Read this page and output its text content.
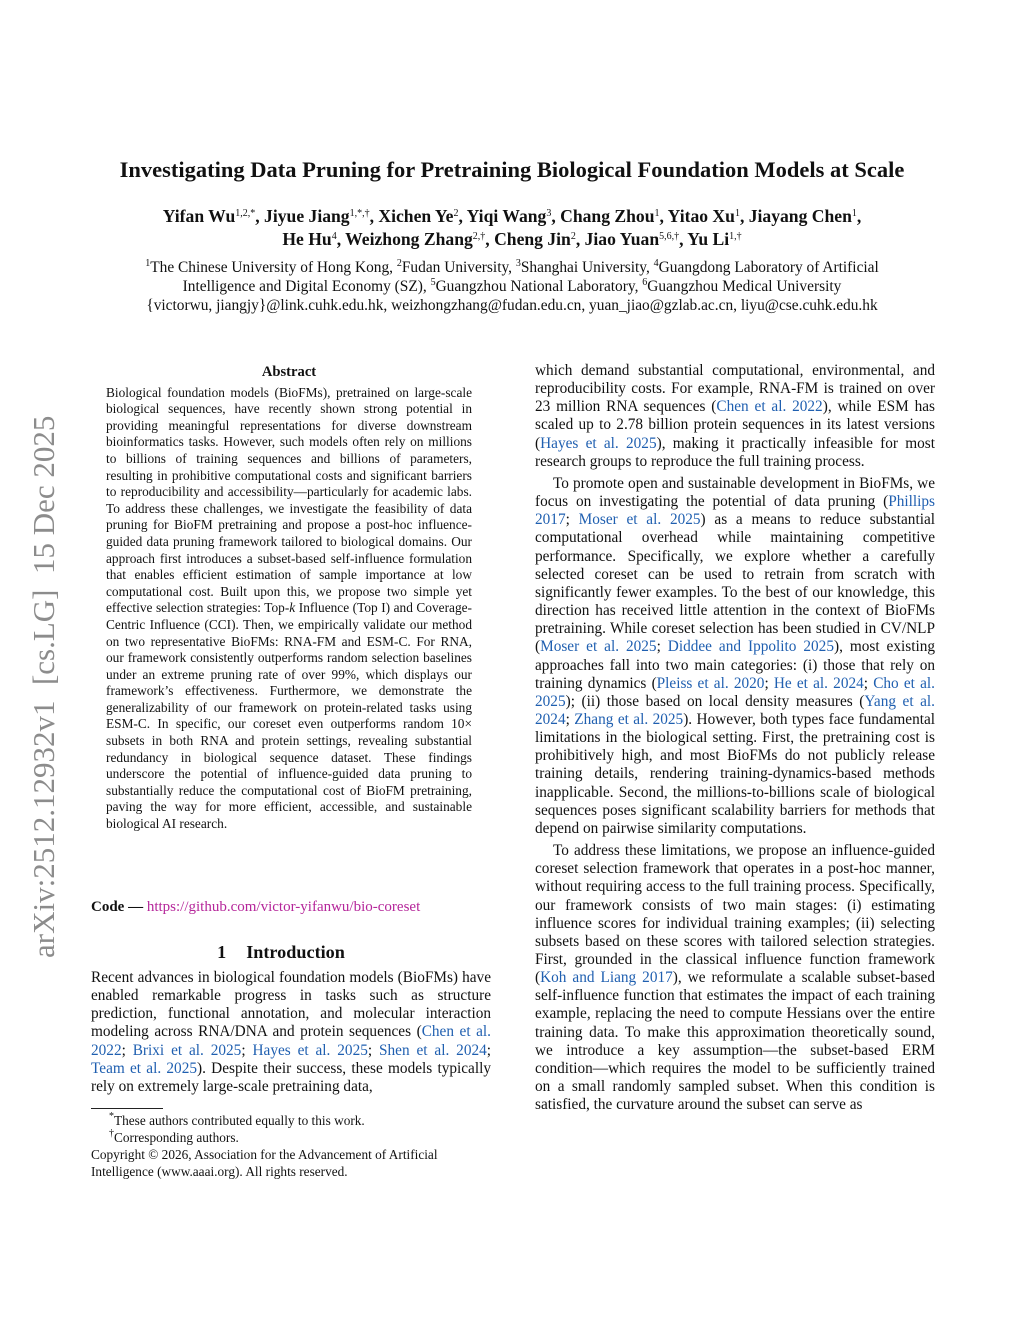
arXiv:2512.12932v1  [cs.LG]  15 Dec 2025
Investigating Data Pruning for Pretraining Biological Foundation Models at Scale
Yifan $Wu^{1,2,*}$, Jiyue Jiang$^{1,*,\dagger}$, Xichen Ye$^2$, Yiqi Wang$^3$, Chang Zhou$^1$, Yitao Xu$^1$, Jiayang Chen$^1$,
He Hu$^4$, Weizhong Zhang$^{2,\dagger}$, Cheng Jin$^2$, Jiao Yuan$^{5,6,\dagger}$, Yu $Li^{1,\dagger}$
$^1$The Chinese University of Hong Kong, $^2$Fudan University, $^3$Shanghai University, $^4$Guangdong Laboratory of Artificial
Intelligence and Digital Economy (SZ), $^5$Guangzhou National Laboratory, $^6$Guangzhou Medical University
{victorwu, jiangjy}@link.cuhk.edu.hk, weizhongzhang@fudan.edu.cn, yuan_jiao@gzlab.ac.cn, liyu@cse.cuhk.edu.hk
Abstract

Biological foundation models (BioFMs), pretrained on large-scale biological sequences, have recently shown strong potential in providing meaningful representations for diverse downstream bioinformatics tasks. However, such models often rely on millions to billions of training sequences and billions of parameters, resulting in prohibitive computational costs and significant barriers to reproducibility and accessibility—particularly for academic labs. To address these challenges, we investigate the feasibility of data pruning for BioFM pretraining and propose a post-hoc influence-guided data pruning framework tailored to biological domains. Our approach first introduces a subset-based self-influence formulation that enables efficient estimation of sample importance at low computational cost. Built upon this, we propose two simple yet effective selection strategies: Top-k Influence (Top I) and Coverage-Centric Influence (CCI). Then, we empirically validate our method on two representative BioFMs: RNA-FM and ESM-C. For RNA, our framework consistently outperforms random selection baselines under an extreme pruning rate of over 99%, which displays our framework’s effectiveness. Furthermore, we demonstrate the generalizability of our framework on protein-related tasks using ESM-C. In specific, our coreset even outperforms random 10× subsets in both RNA and protein settings, revealing substantial redundancy in biological sequence dataset. These findings underscore the potential of influence-guided data pruning to substantially reduce the computational cost of BioFM pretraining, paving the way for more efficient, accessible, and sustainable biological AI research.

Code — https://github.com/victor-yifanwu/bio-coreset
1 Introduction

Recent advances in biological foundation models (BioFMs) have enabled remarkable progress in tasks such as structure prediction, functional annotation, and molecular interaction modeling across RNA/DNA and protein sequences (Chen et al. 2022; Brixi et al. 2025; Hayes et al. 2025; Shen et al. 2024; Team et al. 2025). Despite their success, these models typically rely on extremely large-scale pretraining data,

*These authors contributed equally to this work.

†Corresponding authors.

Copyright © 2026, Association for the Advancement of Artificial Intelligence (www.aaai.org). All rights reserved.

which demand substantial computational, environmental, and reproducibility costs. For example, RNA-FM is trained on over 23 million RNA sequences (Chen et al. 2022), while ESM has scaled up to 2.78 billion protein sequences in its latest versions (Hayes et al. 2025), making it practically infeasible for most research groups to reproduce the full training process.

To promote open and sustainable development in BioFMs, we focus on investigating the potential of data pruning (Phillips 2017; Moser et al. 2025) as a means to reduce substantial computational overhead while maintaining competitive performance. Specifically, we explore whether a carefully selected coreset can be used to retrain from scratch with significantly fewer examples. To the best of our knowledge, this direction has received little attention in the context of BioFMs pretraining. While coreset selection has been studied in CV/NLP (Moser et al. 2025; Diddee and Ippolito 2025), most existing approaches fall into two main categories: (i) those that rely on training dynamics (Pleiss et al. 2020; He et al. 2024; Cho et al. 2025); (ii) those based on local density measures (Yang et al. 2024; Zhang et al. 2025). However, both types face fundamental limitations in the biological setting. First, the pretraining cost is prohibitively high, and most BioFMs do not publicly release training details, rendering training-dynamics-based methods inapplicable. Second, the millions-to-billions scale of biological sequences poses significant scalability barriers for methods that depend on pairwise similarity computations.

To address these limitations, we propose an influence-guided coreset selection framework that operates in a post-hoc manner, without requiring access to the full training process. Specifically, our framework consists of two main stages: (i) estimating influence scores for individual training examples; (ii) selecting subsets based on these scores with tailored selection strategies. First, grounded in the classical influence function framework (Koh and Liang 2017), we reformulate a scalable subset-based self-influence function that estimates the impact of each training example, replacing the need to compute Hessians over the entire training data. To make this approximation theoretically sound, we introduce a key assumption—the subset-based ERM condition—which requires the model to be sufficiently trained on a small randomly sampled subset. When this condition is satisfied, the curvature around the subset can serve as
